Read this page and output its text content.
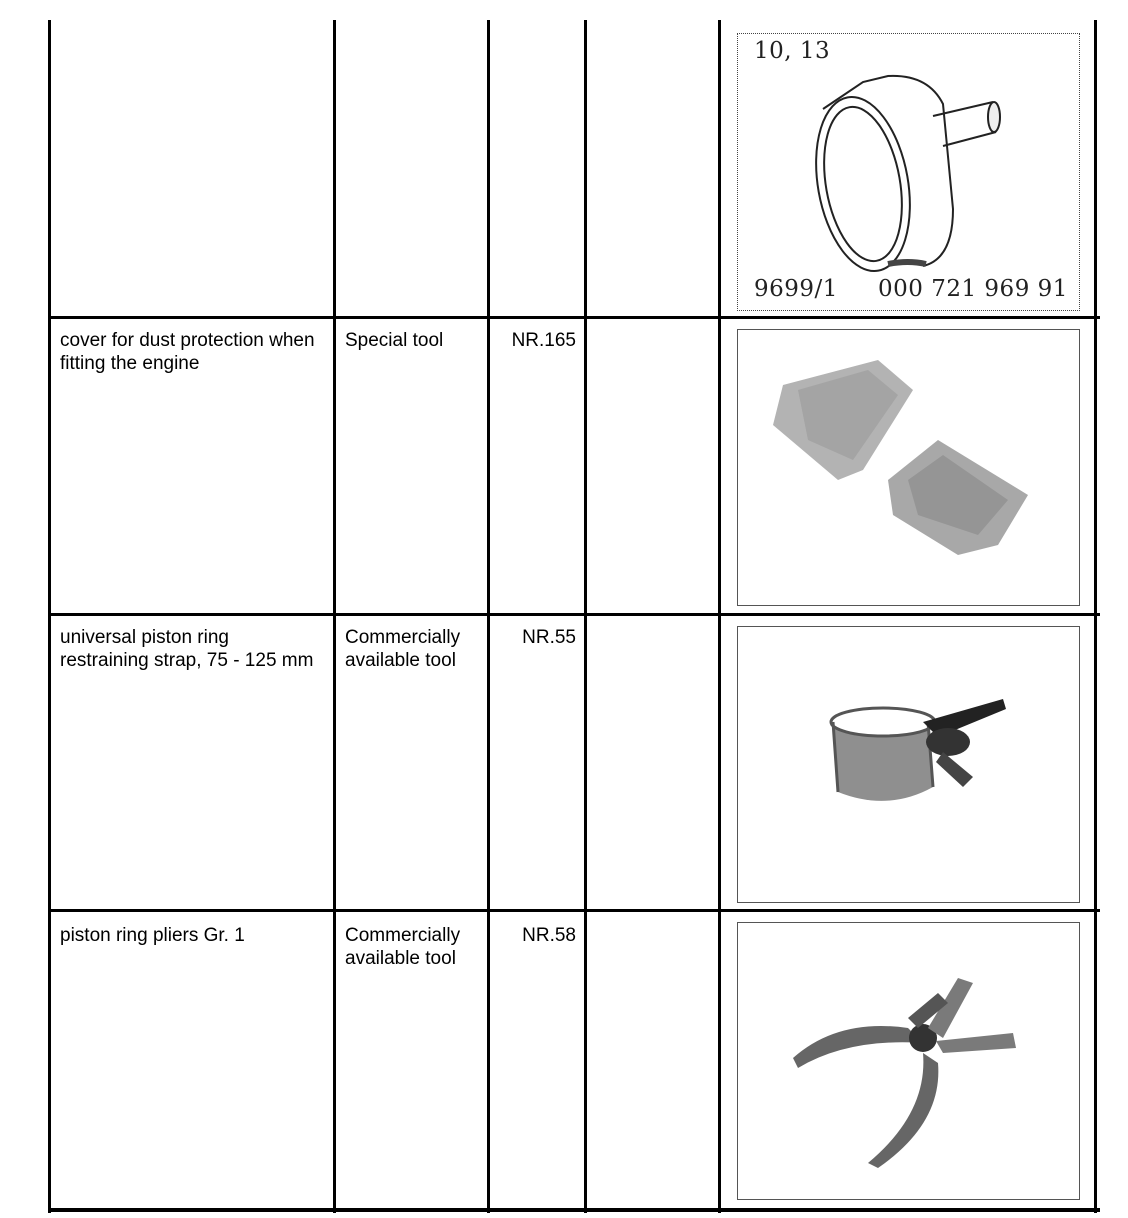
10, 13
9699/1 000 721 969 91
cover for dust protection when fitting the engine
Special tool	NR.165
universal piston ring restraining strap, 75 - 125 mm
Commercially available tool
NR.55
piston ring pliers Gr. 1	Commercially available tool
NR.58
